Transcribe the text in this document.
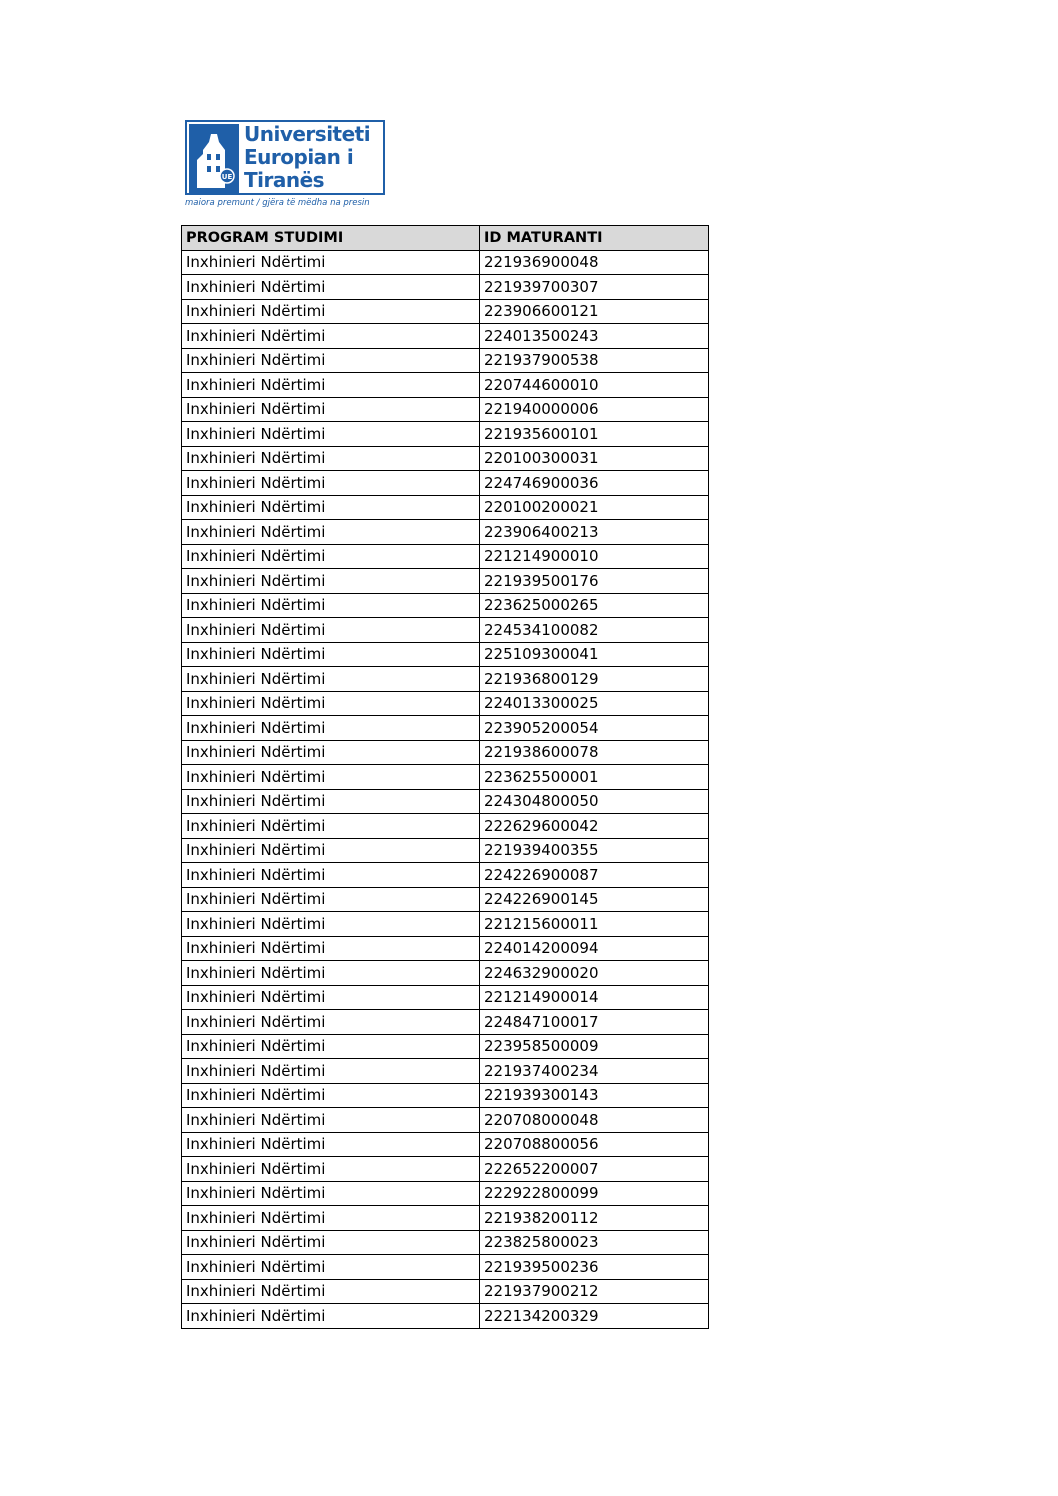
UE
Universiteti
Europian i
Tiranës
maiora premunt / gjëra të mëdha na presin
PROGRAM STUDIMI	ID MATURANTI
Inxhinieri Ndërtimi	221936900048
Inxhinieri Ndërtimi	221939700307
Inxhinieri Ndërtimi	223906600121
Inxhinieri Ndërtimi	224013500243
Inxhinieri Ndërtimi	221937900538
Inxhinieri Ndërtimi	220744600010
Inxhinieri Ndërtimi	221940000006
Inxhinieri Ndërtimi	221935600101
Inxhinieri Ndërtimi	220100300031
Inxhinieri Ndërtimi	224746900036
Inxhinieri Ndërtimi	220100200021
Inxhinieri Ndërtimi	223906400213
Inxhinieri Ndërtimi	221214900010
Inxhinieri Ndërtimi	221939500176
Inxhinieri Ndërtimi	223625000265
Inxhinieri Ndërtimi	224534100082
Inxhinieri Ndërtimi	225109300041
Inxhinieri Ndërtimi	221936800129
Inxhinieri Ndërtimi	224013300025
Inxhinieri Ndërtimi	223905200054
Inxhinieri Ndërtimi	221938600078
Inxhinieri Ndërtimi	223625500001
Inxhinieri Ndërtimi	224304800050
Inxhinieri Ndërtimi	222629600042
Inxhinieri Ndërtimi	221939400355
Inxhinieri Ndërtimi	224226900087
Inxhinieri Ndërtimi	224226900145
Inxhinieri Ndërtimi	221215600011
Inxhinieri Ndërtimi	224014200094
Inxhinieri Ndërtimi	224632900020
Inxhinieri Ndërtimi	221214900014
Inxhinieri Ndërtimi	224847100017
Inxhinieri Ndërtimi	223958500009
Inxhinieri Ndërtimi	221937400234
Inxhinieri Ndërtimi	221939300143
Inxhinieri Ndërtimi	220708000048
Inxhinieri Ndërtimi	220708800056
Inxhinieri Ndërtimi	222652200007
Inxhinieri Ndërtimi	222922800099
Inxhinieri Ndërtimi	221938200112
Inxhinieri Ndërtimi	223825800023
Inxhinieri Ndërtimi	221939500236
Inxhinieri Ndërtimi	221937900212
Inxhinieri Ndërtimi	222134200329
